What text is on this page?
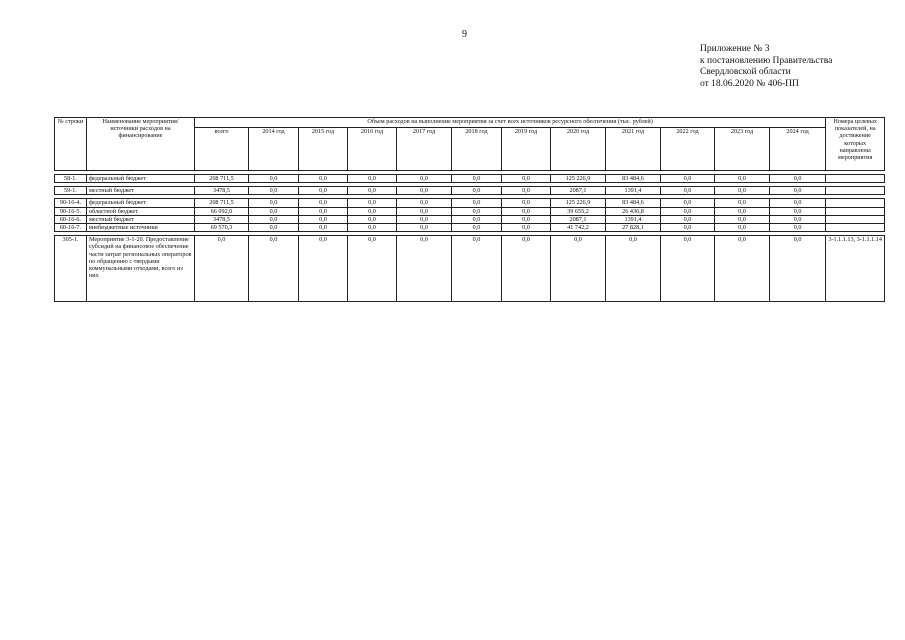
9
Приложение № 3
к постановлению Правительства
Свердловской области
от 18.06.2020 № 406-ПП
№ строки	Наименование мероприятия/ источники расходов на финансирование	Объем расходов на выполнение мероприятия за счет всех источников ресурсного обеспечения (тыс. рублей)												Номера целевых показателей, на достижение которых направлены мероприятия
		всего	2014 год	2015 год	2016 год	2017 год	2018 год	2019 год	2020 год	2021 год	2022 год	2023 год	2024 год	

58-1.	федеральный бюджет	208 711,5	0,0	0,0	0,0	0,0	0,0	0,0	125 226,9	83 484,6	0,0	0,0	0,0	

59-1.	местный бюджет	3478,5	0,0	0,0	0,0	0,0	0,0	0,0	2087,1	1391,4	0,0	0,0	0,0	

90-16-4.	федеральный бюджет	208 711,5	0,0	0,0	0,0	0,0	0,0	0,0	125 226,9	83 484,6	0,0	0,0	0,0	
90-16-5.	областной бюджет	66 092,0	0,0	0,0	0,0	0,0	0,0	0,0	39 655,2	26 436,8	0,0	0,0	0,0	
60-16-6.	местный бюджет	3478,5	0,0	0,0	0,0	0,0	0,0	0,0	2087,1	1391,4	0,0	0,0	0,0	
60-16-7.	внебюджетные источники	69 570,3	0,0	0,0	0,0	0,0	0,0	0,0	41 742,2	27 828,1	0,0	0,0	0,0	

305-1.	Мероприятие 3-1-20. Предоставление субсидий на финансовое обеспечение части затрат региональных операторов по обращению с твердыми коммунальными отходами, всего из них	0,0	0,0	0,0	0,0	0,0	0,0	0,0	0,0	0,0	0,0	0,0	0,0	3-1.1.1.13, 3-1.1.1.14
